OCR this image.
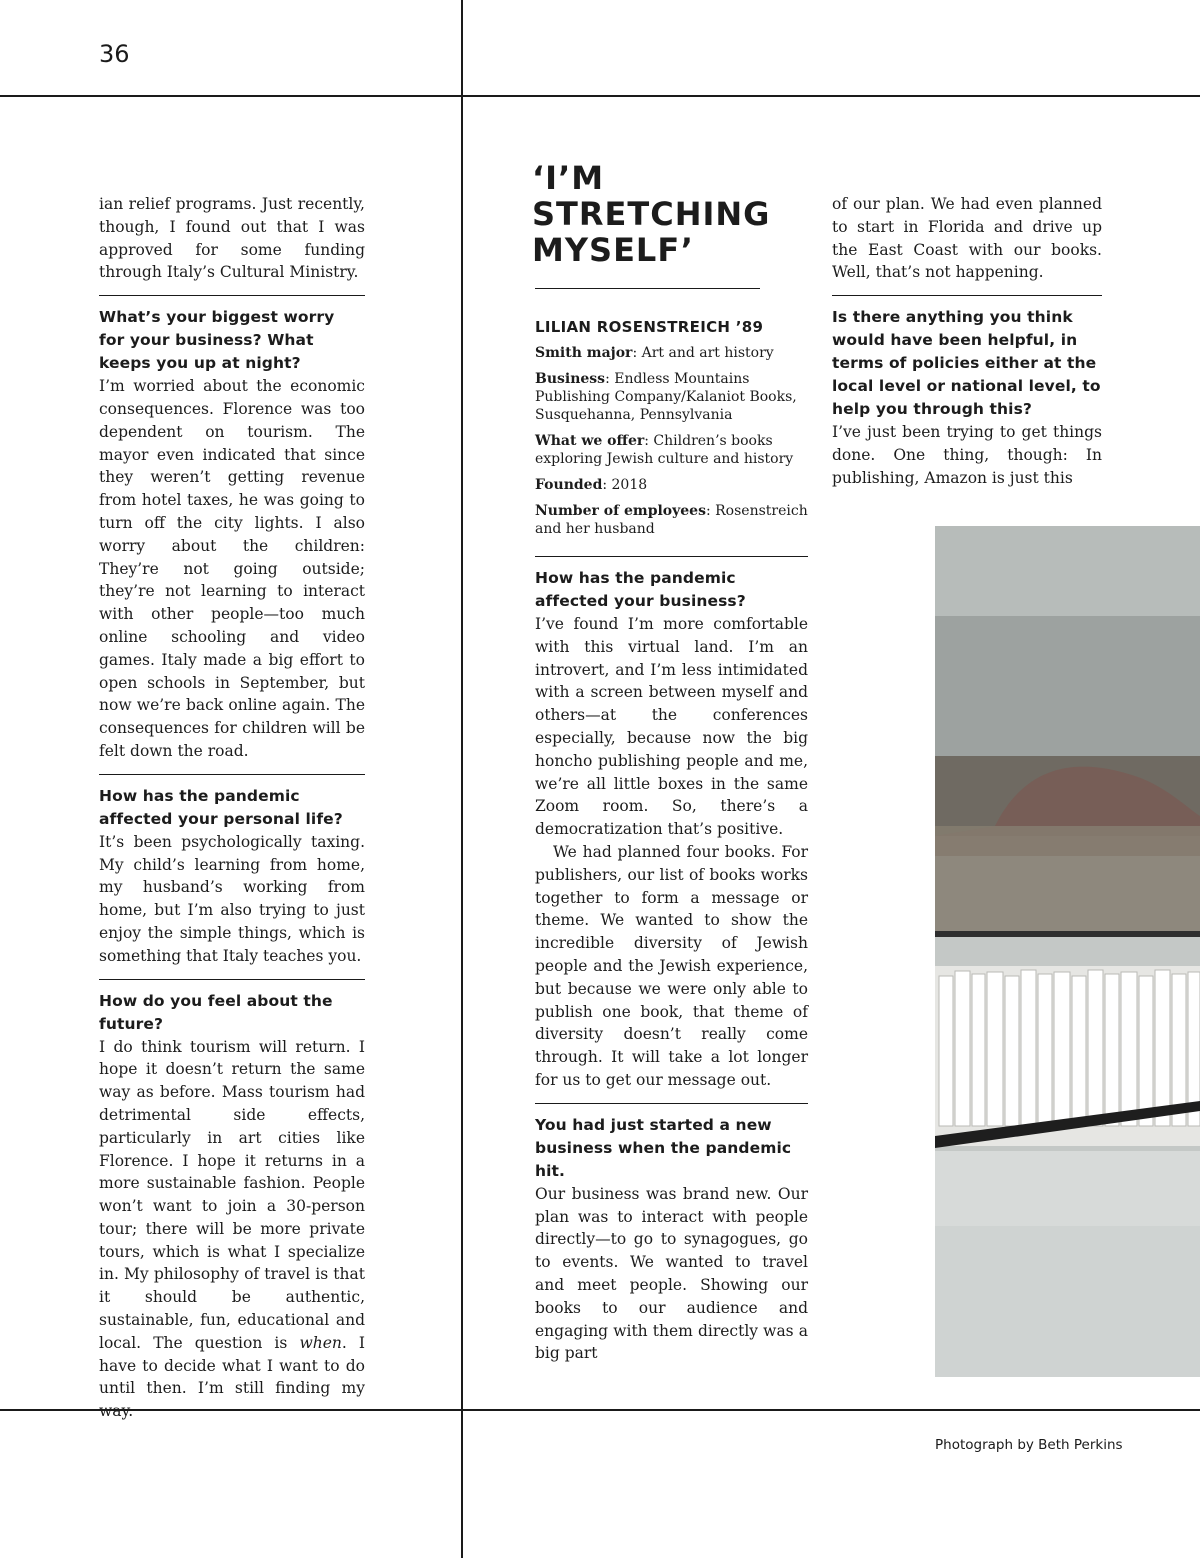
36

ian relief programs. Just recently, though, I found out that I was approved for some funding through Italy’s Cultural Ministry.

What’s your biggest worry for your business? What keeps you up at night?

I’m worried about the economic consequences. Florence was too dependent on tourism. The mayor even indicated that since they weren’t getting revenue from hotel taxes, he was going to turn off the city lights. I also worry about the children: They’re not going outside; they’re not learning to interact with other people—too much online schooling and video games. Italy made a big effort to open schools in September, but now we’re back online again. The consequences for children will be felt down the road.

How has the pandemic affected your personal life?

It’s been psychologically taxing. My child’s learning from home, my husband’s working from home, but I’m also trying to just enjoy the simple things, which is something that Italy teaches you.

How do you feel about the future?

I do think tourism will return. I hope it doesn’t return the same way as before. Mass tourism had detrimental side effects, particularly in art cities like Florence. I hope it returns in a more sustainable fashion. People won’t want to join a 30-person tour; there will be more private tours, which is what I specialize in. My philosophy of travel is that it should be authentic, sustainable, fun, educational and local. The question is when. I have to decide what I want to do until then. I’m still finding my way.

‘I’M STRETCHING MYSELF’

LILIAN ROSENSTREICH ’89

Smith major: Art and art history

Business: Endless Mountains Publishing Company/Kalaniot Books, Susquehanna, Pennsylvania

What we offer: Children’s books exploring Jewish culture and history

Founded: 2018

Number of employees: Rosenstreich and her husband

How has the pandemic affected your business?

I’ve found I’m more comfortable with this virtual land. I’m an introvert, and I’m less intimidated with a screen between myself and others—at the conferences especially, because now the big honcho publishing people and me, we’re all little boxes in the same Zoom room. So, there’s a democratization that’s positive.

We had planned four books. For publishers, our list of books works together to form a message or theme. We wanted to show the incredible diversity of Jewish people and the Jewish experience, but because we were only able to publish one book, that theme of diversity doesn’t really come through. It will take a lot longer for us to get our message out.

You had just started a new business when the pandemic hit.

Our business was brand new. Our plan was to interact with people directly—to go to synagogues, go to events. We wanted to travel and meet people. Showing our books to our audience and engaging with them directly was a big part

of our plan. We had even planned to start in Florida and drive up the East Coast with our books. Well, that’s not happening.

Is there anything you think would have been helpful, in terms of policies either at the local level or national level, to help you through this?

I’ve just been trying to get things done. One thing, though: In publishing, Amazon is just this

Photograph by Beth Perkins
